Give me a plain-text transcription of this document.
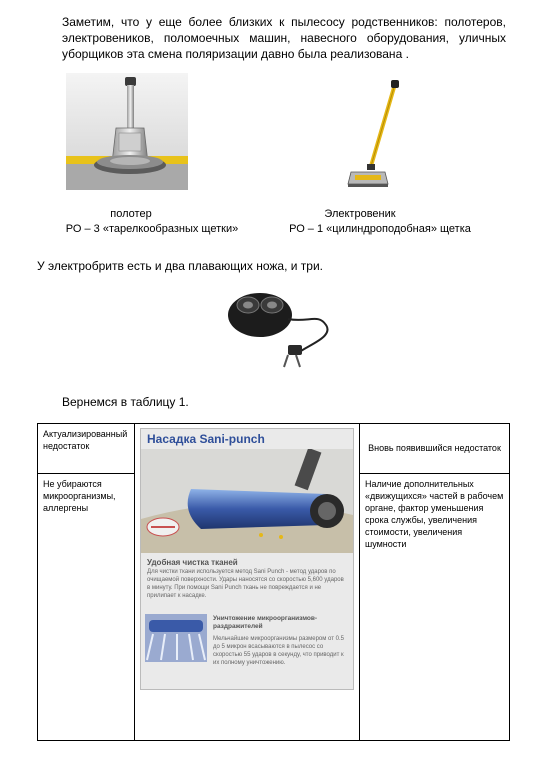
Заметим, что у еще более близких к пылесосу родственников: полотеров, электровеников, поломоечных машин, навесного оборудования, уличных уборщиков эта смена поляризации давно была реализована .
полотер
РО – 3 «тарелкообразных щетки»
Электровеник
РО – 1 «цилиндроподобная» щетка
У электробритв есть и два плавающих ножа, и три.
Вернемся в таблицу 1.
Актуализированный недостаток	Насадка Sani-punch
Удобная чистка тканей
Для чистки ткани используется метод Sani Punch - метод ударов по очищаемой поверхности. Удары наносятся со скоростью 5,600 ударов в минуту. При помощи Sani Punch ткань не повреждается и не прилипает к насадке.
Уничтожение микроорганизмов-раздражителей
Мельчайшие микроорганизмы размером от 0.5 до 5 микрон всасываются в пылесос со скоростью 55 ударов в секунду, что приводит к их полному уничтожению.	Вновь появившийся недостаток
Не убираются микроорганизмы, аллергены		Наличие дополнительных «движущихся» частей в рабочем органе, фактор уменьшения срока службы, увеличения стоимости, увеличения шумности
